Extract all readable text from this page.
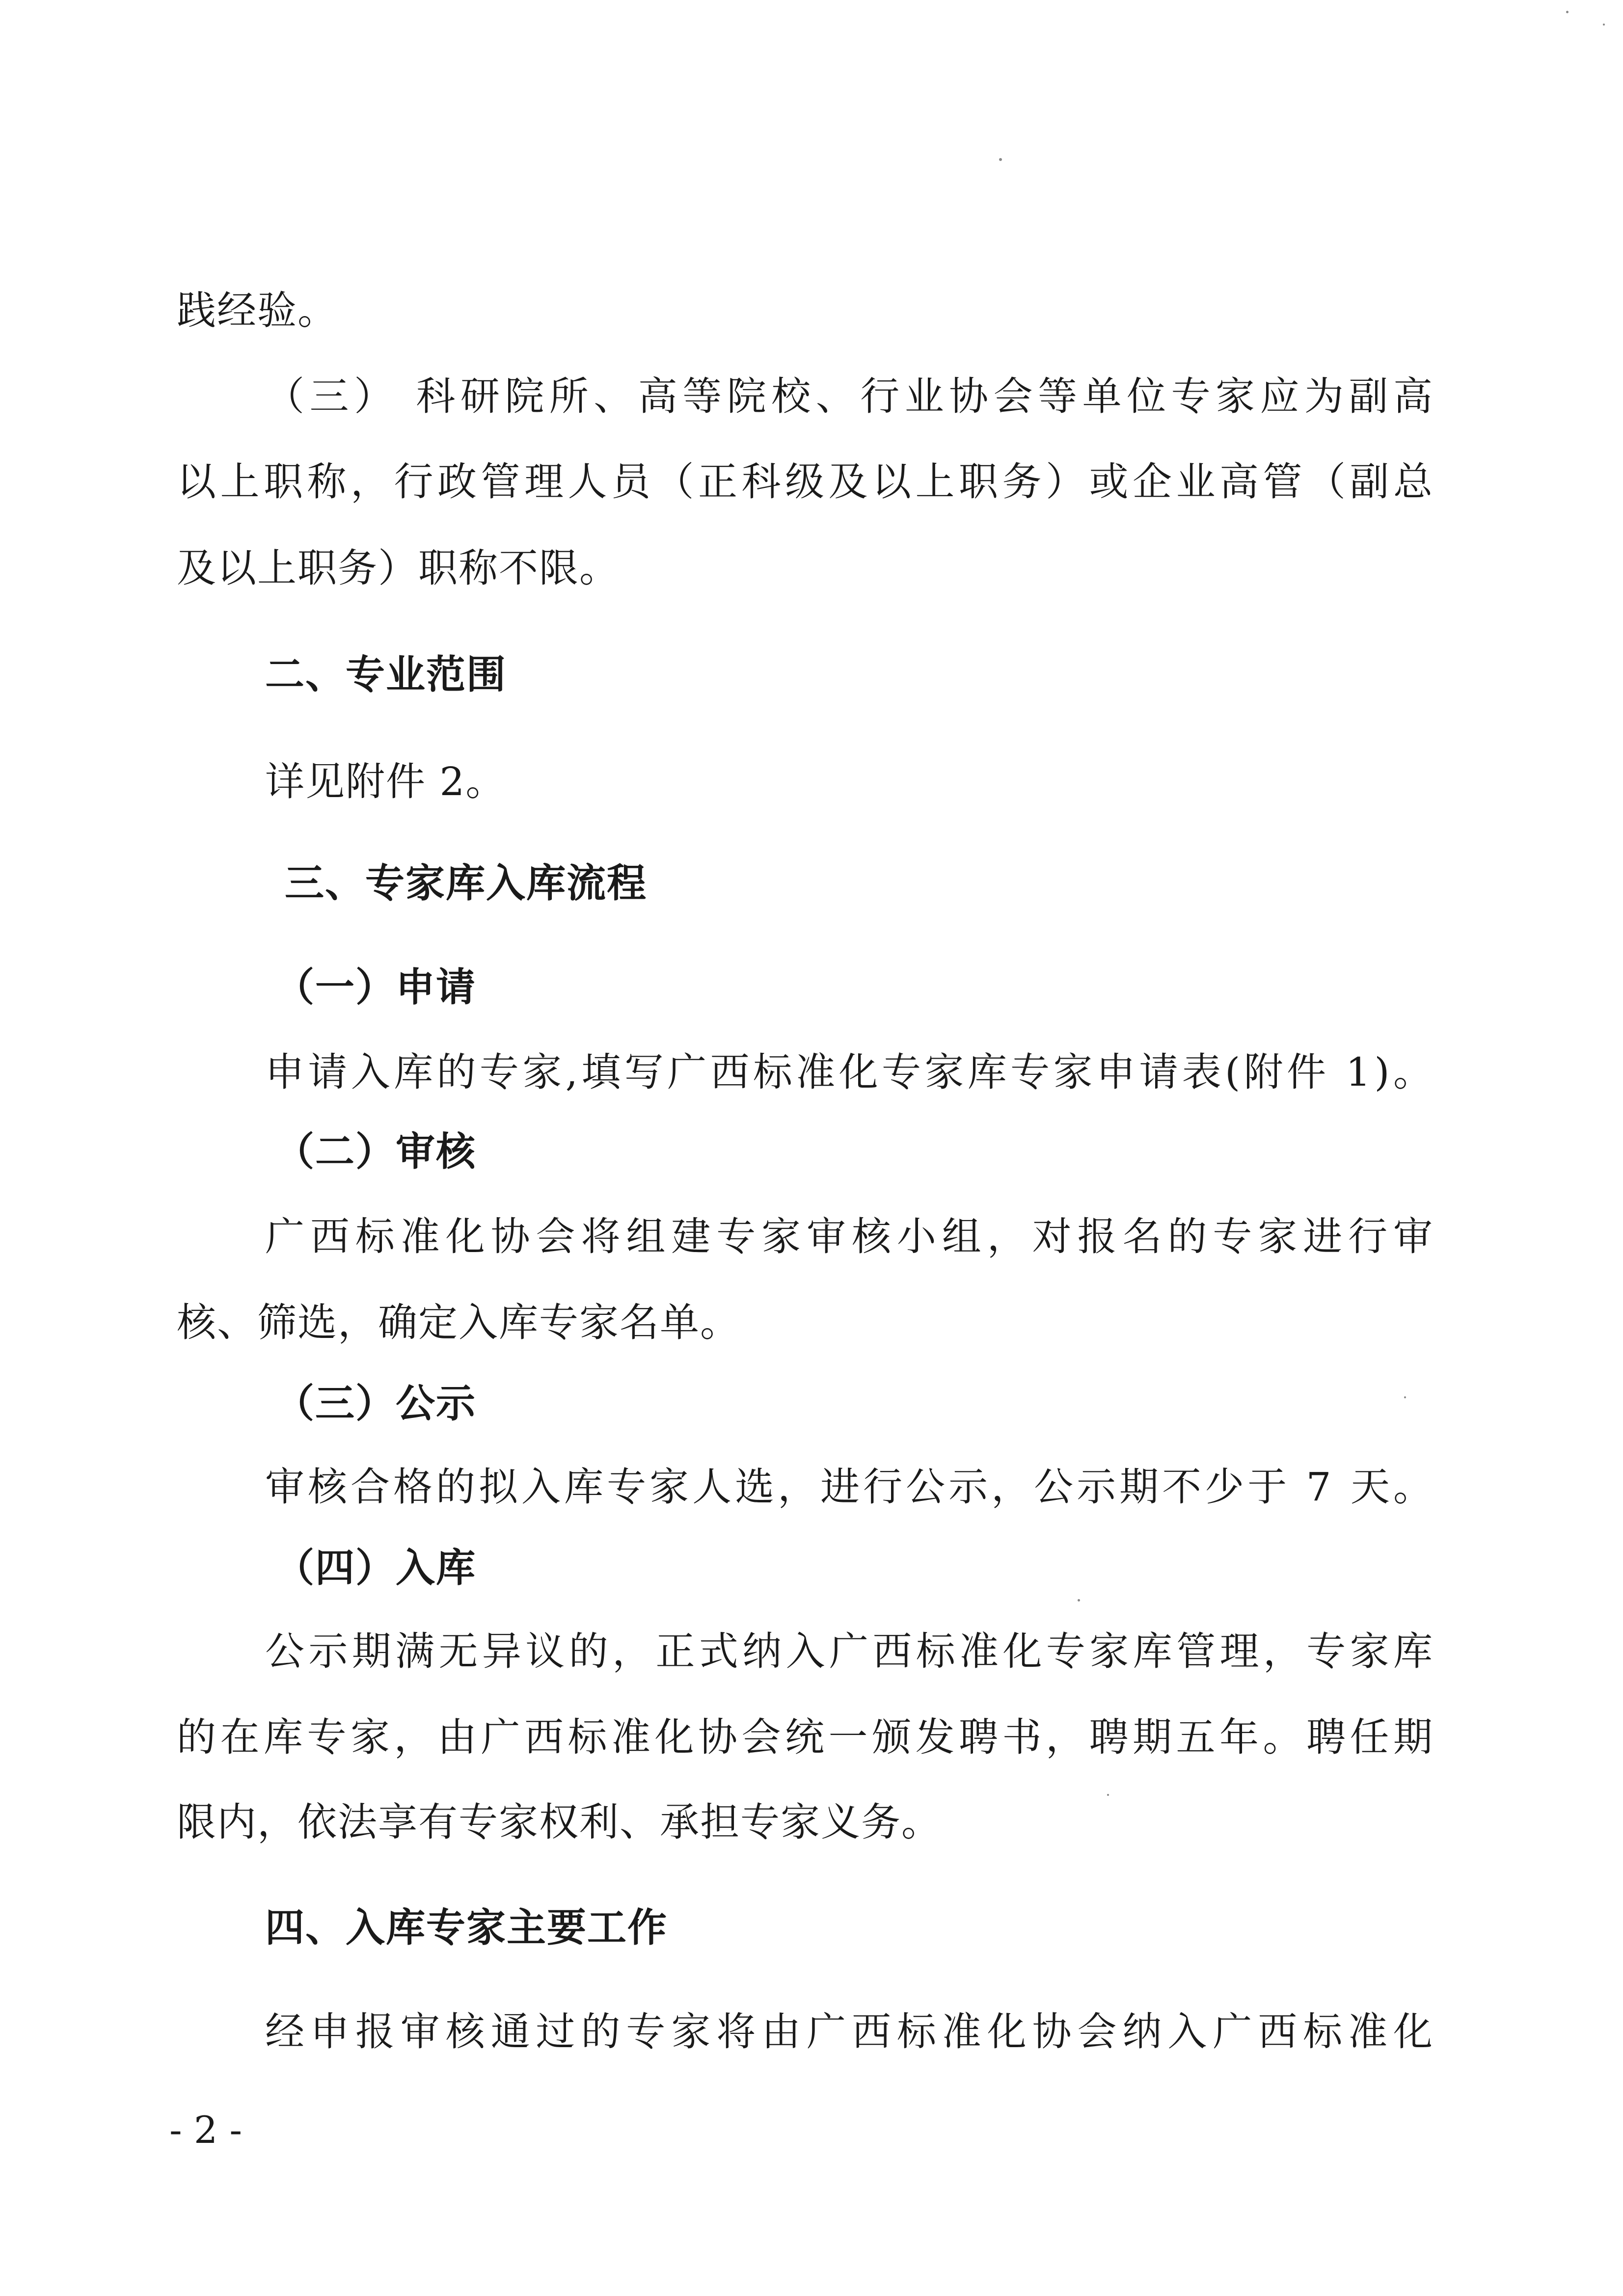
践经验。
（三） 科研院所、高等院校、行业协会等单位专家应为副高
以上职称，行政管理人员（正科级及以上职务）或企业高管（副总
及以上职务）职称不限。
二、专业范围
详见附件 2。
三、专家库入库流程
（一）申请
申请入库的专家,填写广西标准化专家库专家申请表(附件 1)。
（二）审核
广西标准化协会将组建专家审核小组，对报名的专家进行审
核、筛选，确定入库专家名单。
（三）公示
审核合格的拟入库专家人选，进行公示，公示期不少于 7 天。
（四）入库
公示期满无异议的，正式纳入广西标准化专家库管理，专家库
的在库专家，由广西标准化协会统一颁发聘书，聘期五年。聘任期
限内，依法享有专家权利、承担专家义务。
四、入库专家主要工作
经申报审核通过的专家将由广西标准化协会纳入广西标准化
- 2 -
